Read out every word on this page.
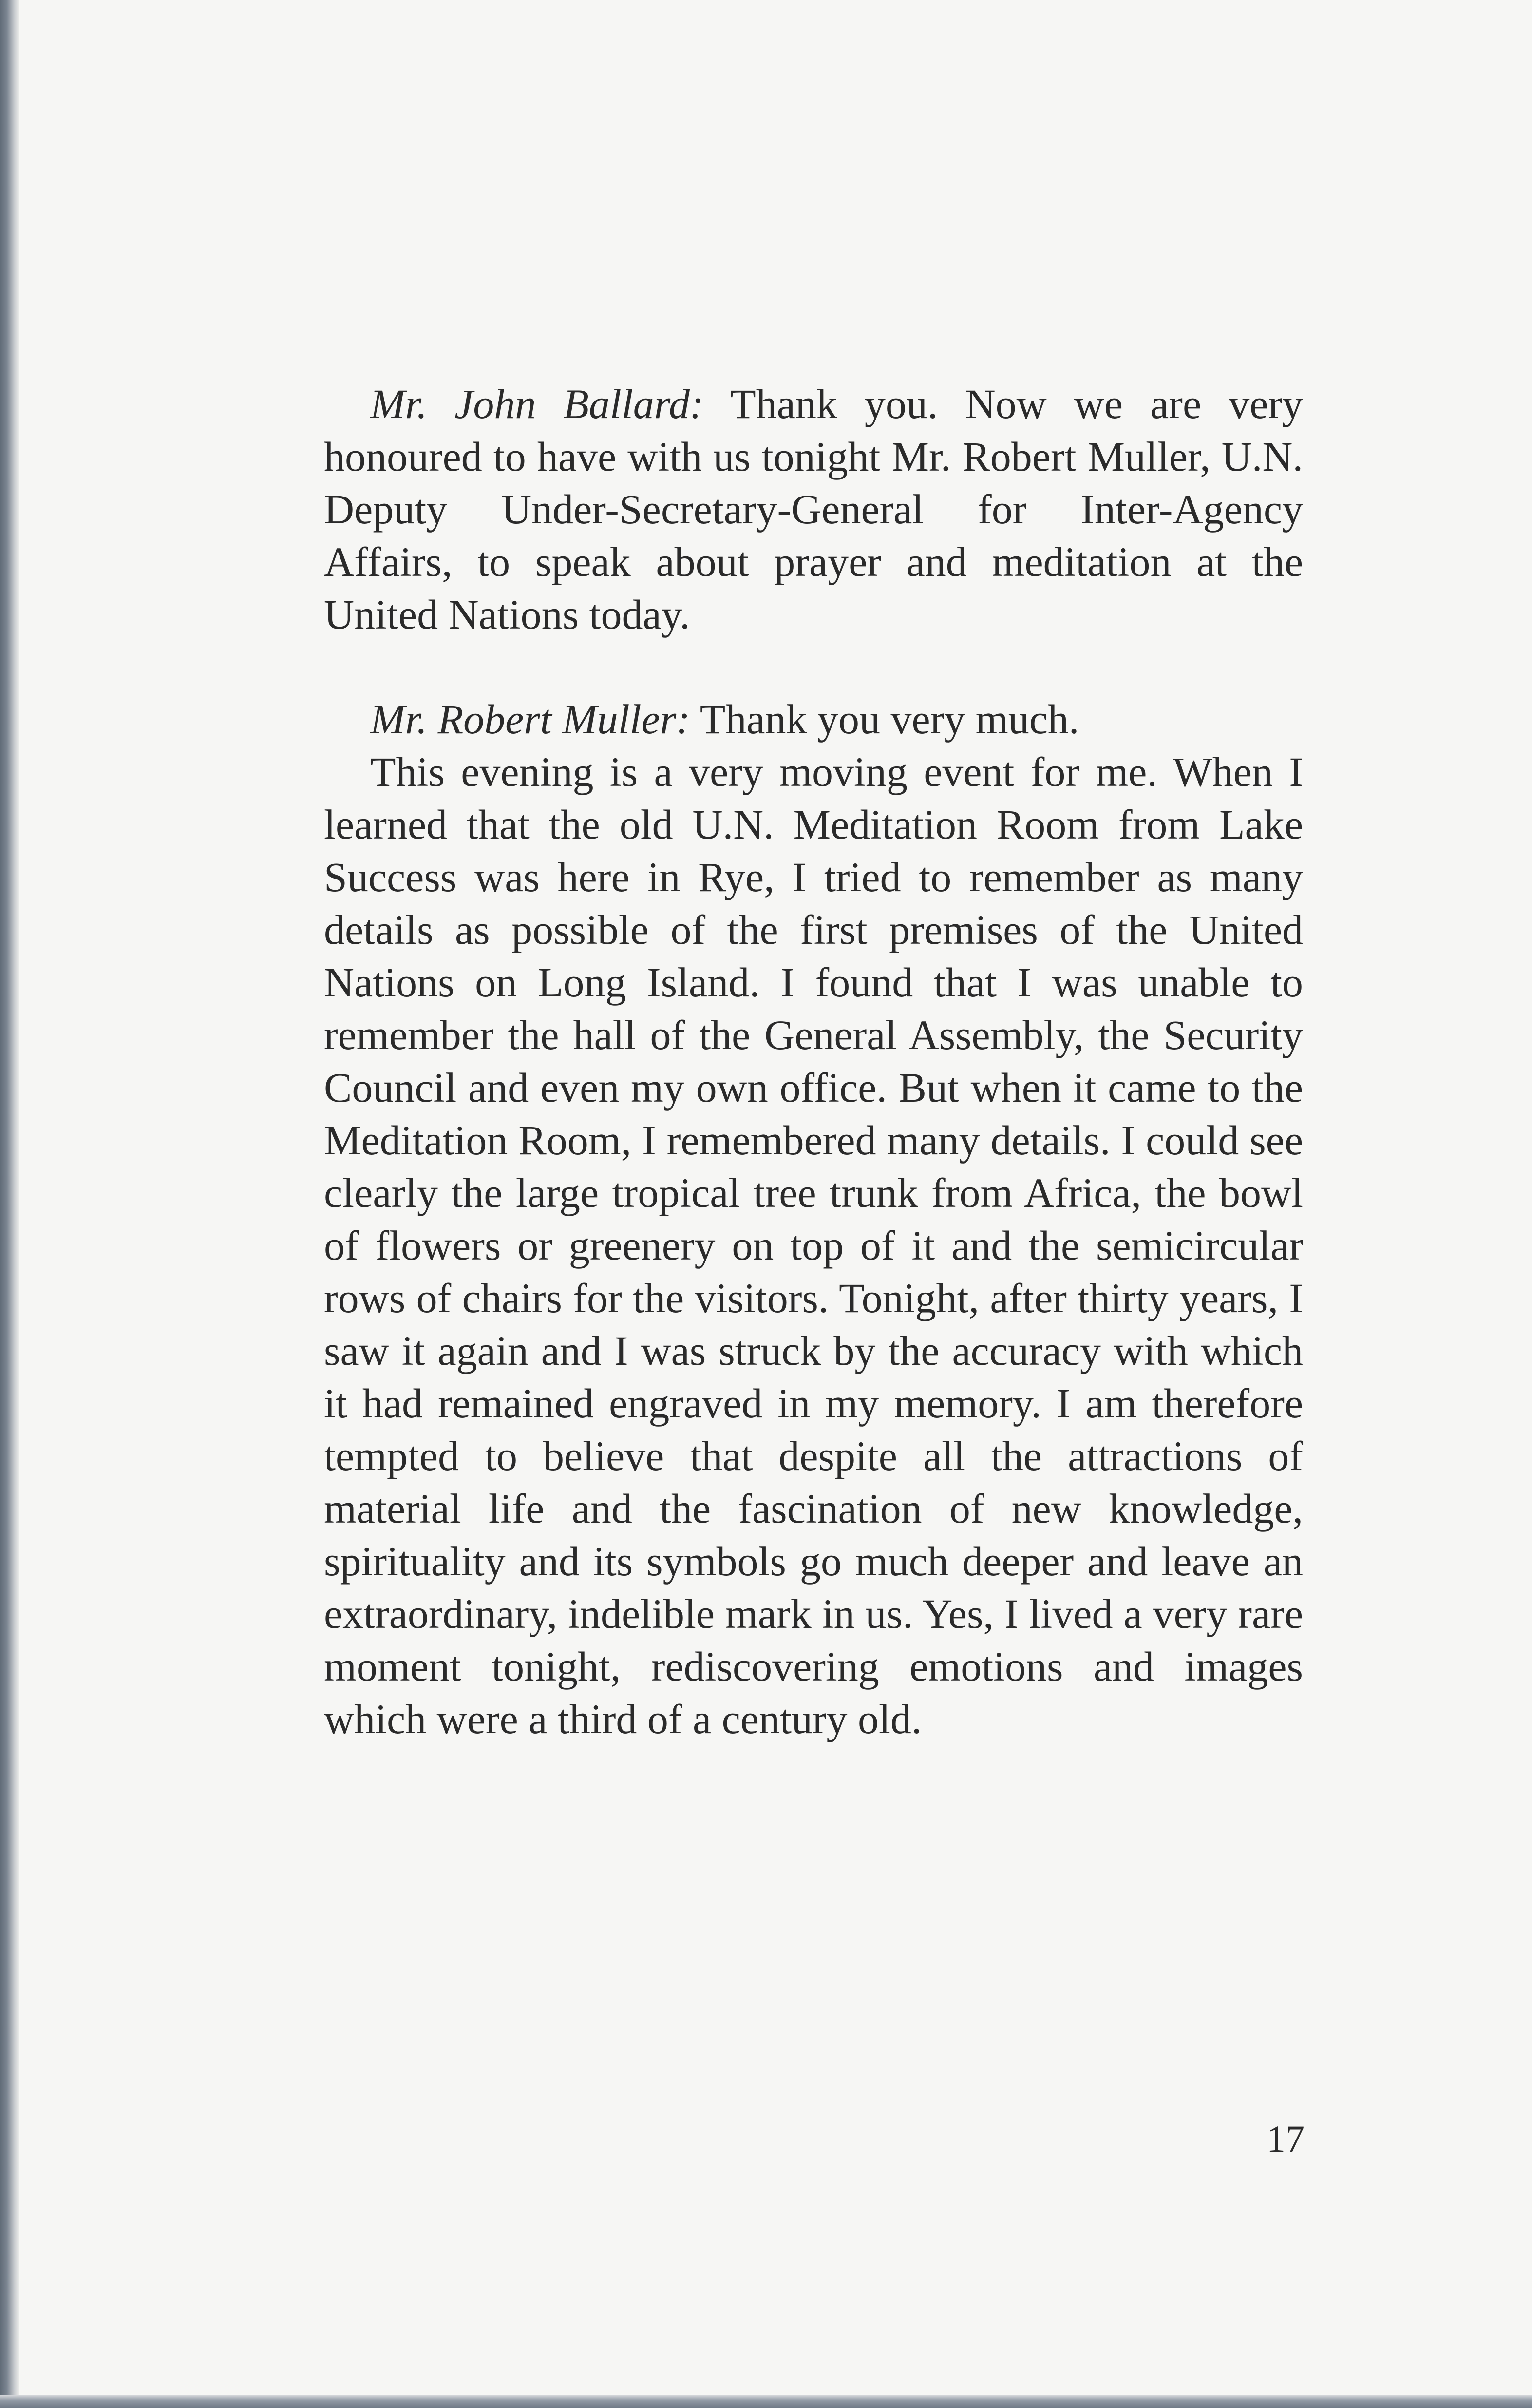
Mr. John Ballard: Thank you. Now we are very honoured to have with us tonight Mr. Robert Muller, U.N. Deputy Under-Secretary-General for Inter-Agency Affairs, to speak about prayer and meditation at the United Nations today.

Mr. Robert Muller: Thank you very much.

This evening is a very moving event for me. When I learned that the old U.N. Meditation Room from Lake Success was here in Rye, I tried to remember as many details as possible of the first premises of the United Nations on Long Island. I found that I was unable to remember the hall of the General Assembly, the Security Council and even my own office. But when it came to the Meditation Room, I remembered many details. I could see clearly the large tropical tree trunk from Africa, the bowl of flowers or greenery on top of it and the semicircular rows of chairs for the visitors. Tonight, after thirty years, I saw it again and I was struck by the accuracy with which it had remained engraved in my memory. I am therefore tempted to believe that despite all the attractions of material life and the fascination of new knowledge, spirituality and its symbols go much deeper and leave an extraordinary, indelible mark in us. Yes, I lived a very rare moment tonight, rediscovering emotions and images which were a third of a century old.

17
